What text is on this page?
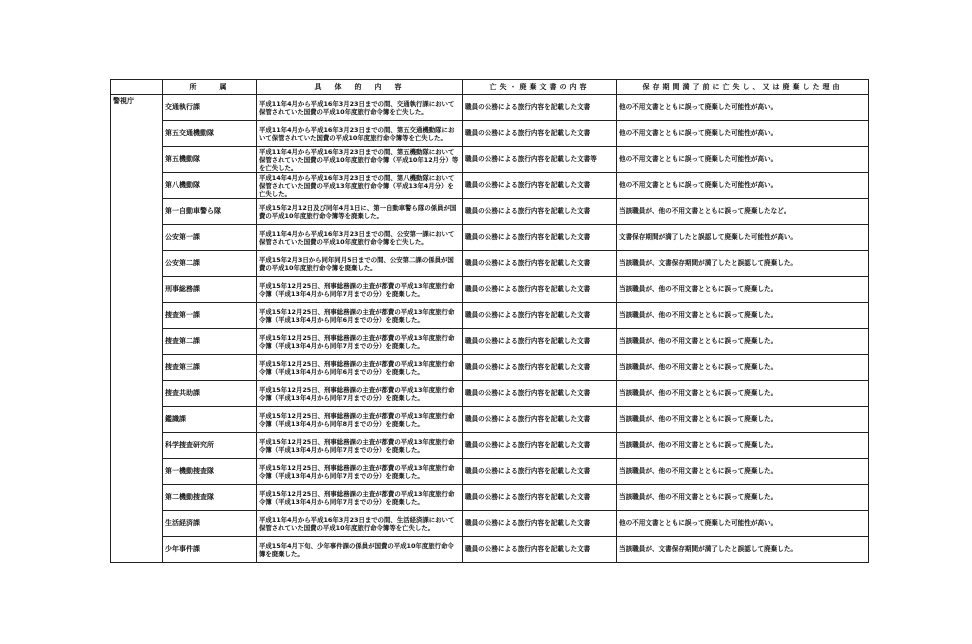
	所　　属	具　体　的　内　容	亡失・廃棄文書の内容	保存期間満了前に亡失し、又は廃棄した理由
警視庁	交通執行課	平成11年4月から平成16年3月23日までの間、交通執行課において保管されていた国費の平成10年度旅行命令簿を亡失した。	職員の公務による旅行内容を記載した文書	他の不用文書とともに誤って廃棄した可能性が高い。
	第五交通機動隊	平成11年4月から平成16年3月23日までの間、第五交通機動隊において保管されていた国費の平成10年度旅行命令簿等を亡失した。	職員の公務による旅行内容を記載した文書	他の不用文書とともに誤って廃棄した可能性が高い。
	第五機動隊	平成11年4月から平成16年3月23日までの間、第五機動隊において保管されていた国費の平成10年度旅行命令簿（平成10年12月分）等を亡失した。	職員の公務による旅行内容を記載した文書等	他の不用文書とともに誤って廃棄した可能性が高い。
	第八機動隊	平成14年4月から平成16年3月23日までの間、第八機動隊において保管されていた国費の平成13年度旅行命令簿（平成13年4月分）を亡失した。	職員の公務による旅行内容を記載した文書	他の不用文書とともに誤って廃棄した可能性が高い。
	第一自動車警ら隊	平成15年2月12日及び同年4月1日に、第一自動車警ら隊の係員が国費の平成10年度旅行命令簿等を廃棄した。	職員の公務による旅行内容を記載した文書	当該職員が、他の不用文書とともに誤って廃棄したなど。
	公安第一課	平成11年4月から平成16年3月23日までの間、公安第一課において保管されていた国費の平成10年度旅行命令簿を亡失した。	職員の公務による旅行内容を記載した文書	文書保存期間が満了したと誤認して廃棄した可能性が高い。
	公安第二課	平成15年2月3日から同年同月5日までの間、公安第二課の係員が国費の平成10年度旅行命令簿を廃棄した。	職員の公務による旅行内容を記載した文書	当該職員が、文書保存期間が満了したと誤認して廃棄した。
	刑事総務課	平成15年12月25日、刑事総務課の主査が都費の平成13年度旅行命令簿（平成13年4月から同年7月までの分）を廃棄した。	職員の公務による旅行内容を記載した文書	当該職員が、他の不用文書とともに誤って廃棄した。
	捜査第一課	平成15年12月25日、刑事総務課の主査が都費の平成13年度旅行命令簿（平成13年4月から同年6月までの分）を廃棄した。	職員の公務による旅行内容を記載した文書	当該職員が、他の不用文書とともに誤って廃棄した。
	捜査第二課	平成15年12月25日、刑事総務課の主査が都費の平成13年度旅行命令簿（平成13年4月から同年7月までの分）を廃棄した。	職員の公務による旅行内容を記載した文書	当該職員が、他の不用文書とともに誤って廃棄した。
	捜査第三課	平成15年12月25日、刑事総務課の主査が都費の平成13年度旅行命令簿（平成13年4月から同年6月までの分）を廃棄した。	職員の公務による旅行内容を記載した文書	当該職員が、他の不用文書とともに誤って廃棄した。
	捜査共助課	平成15年12月25日、刑事総務課の主査が都費の平成13年度旅行命令簿（平成13年4月から同年7月までの分）を廃棄した。	職員の公務による旅行内容を記載した文書	当該職員が、他の不用文書とともに誤って廃棄した。
	鑑識課	平成15年12月25日、刑事総務課の主査が都費の平成13年度旅行命令簿（平成13年4月から同年8月までの分）を廃棄した。	職員の公務による旅行内容を記載した文書	当該職員が、他の不用文書とともに誤って廃棄した。
	科学捜査研究所	平成15年12月25日、刑事総務課の主査が都費の平成13年度旅行命令簿（平成13年4月から同年7月までの分）を廃棄した。	職員の公務による旅行内容を記載した文書	当該職員が、他の不用文書とともに誤って廃棄した。
	第一機動捜査隊	平成15年12月25日、刑事総務課の主査が都費の平成13年度旅行命令簿（平成13年4月から同年7月までの分）を廃棄した。	職員の公務による旅行内容を記載した文書	当該職員が、他の不用文書とともに誤って廃棄した。
	第二機動捜査隊	平成15年12月25日、刑事総務課の主査が都費の平成13年度旅行命令簿（平成13年4月から同年7月までの分）を廃棄した。	職員の公務による旅行内容を記載した文書	当該職員が、他の不用文書とともに誤って廃棄した。
	生活経済課	平成11年4月から平成16年3月23日までの間、生活経済課において保管されていた国費の平成10年度旅行命令簿等を亡失した。	職員の公務による旅行内容を記載した文書	他の不用文書とともに誤って廃棄した可能性が高い。
	少年事件課	平成15年4月下旬、少年事件課の係員が国費の平成10年度旅行命令簿を廃棄した。	職員の公務による旅行内容を記載した文書	当該職員が、文書保存期間が満了したと誤認して廃棄した。
